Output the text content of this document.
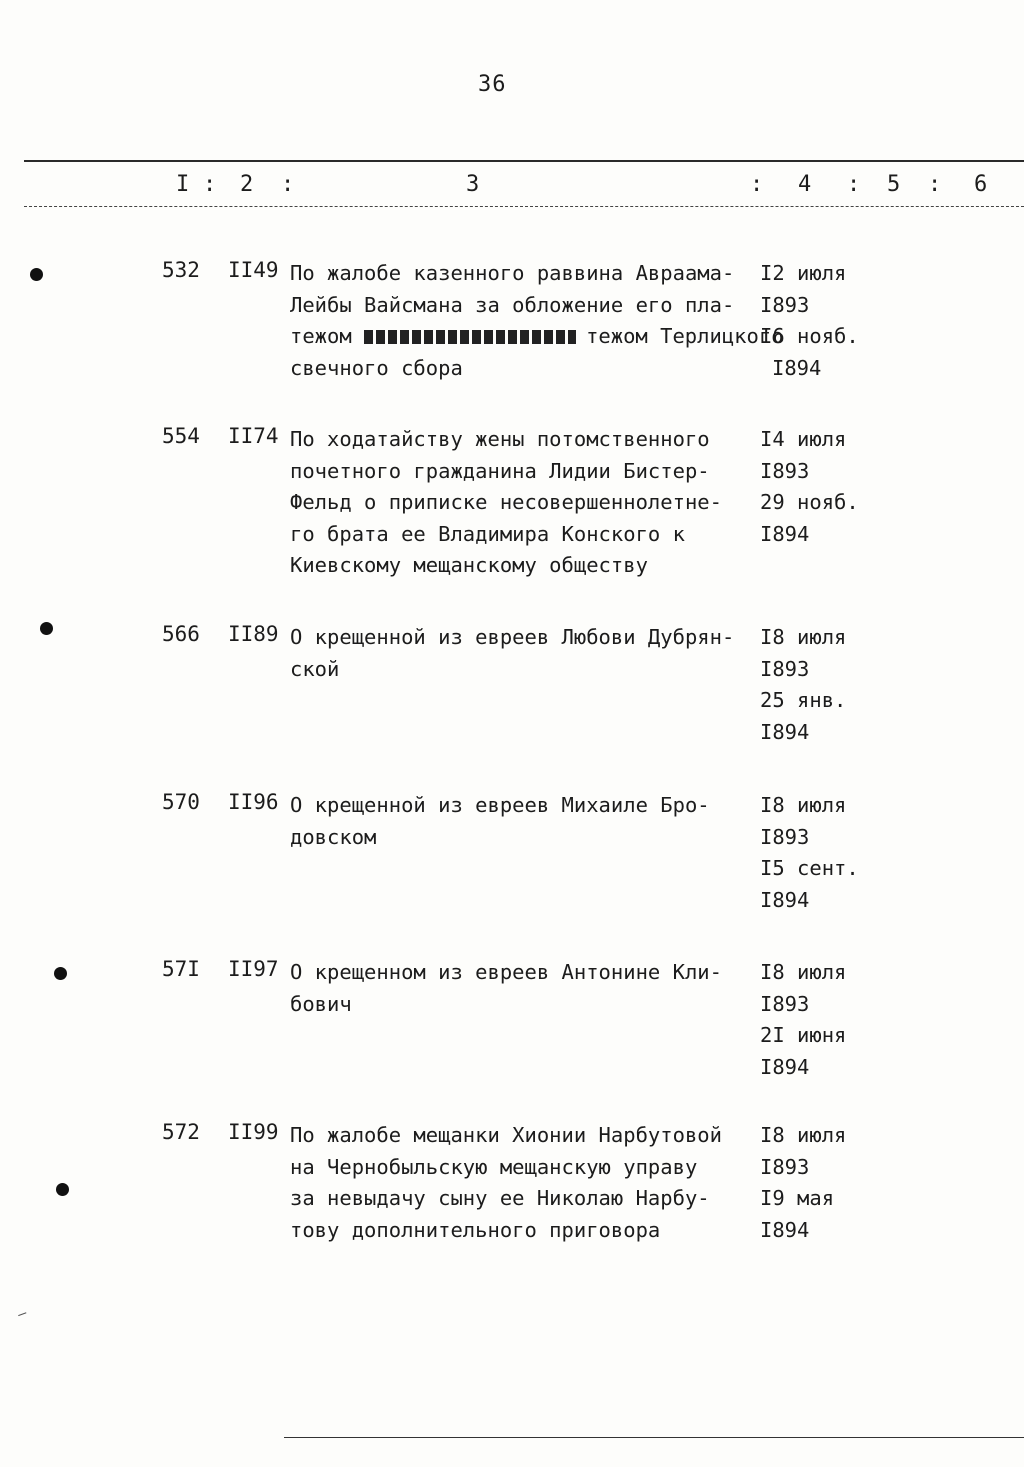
36
I : 2 :	3	: 4 : 5 : 6
532 II49 По жалобе казенного раввина Авраама-
Лейбы Вайсмана за обложение его пла-
тежом	тежом Терлицкого
свечного сбора
I2 июля
I893
I6 нояб.
I894
554 II74 По ходатайству жены потомственного
почетного гражданина Лидии Бистер-
Фельд о приписке несовершеннолетне-
го брата ее Владимира Конского к
Киевскому мещанскому обществу
I4 июля
I893
29 нояб.
I894
566 II89 О крещенной из евреев Любови Дубрян-
ской
I8 июля
I893
25 янв.
I894
570 II96 О крещенной из евреев Михаиле Бро-
довском
I8 июля
I893
I5 сент.
I894
57I II97 О крещенном из евреев Антонине Кли-
бович
I8 июля
I893
2I июня
I894
572 II99 По жалобе мещанки Хионии Нарбутовой
на Чернобыльскую мещанскую управу
за невыдачу сыну ее Николаю Нарбу-
тову дополнительного приговора
I8 июля
I893
I9 мая
I894
—
